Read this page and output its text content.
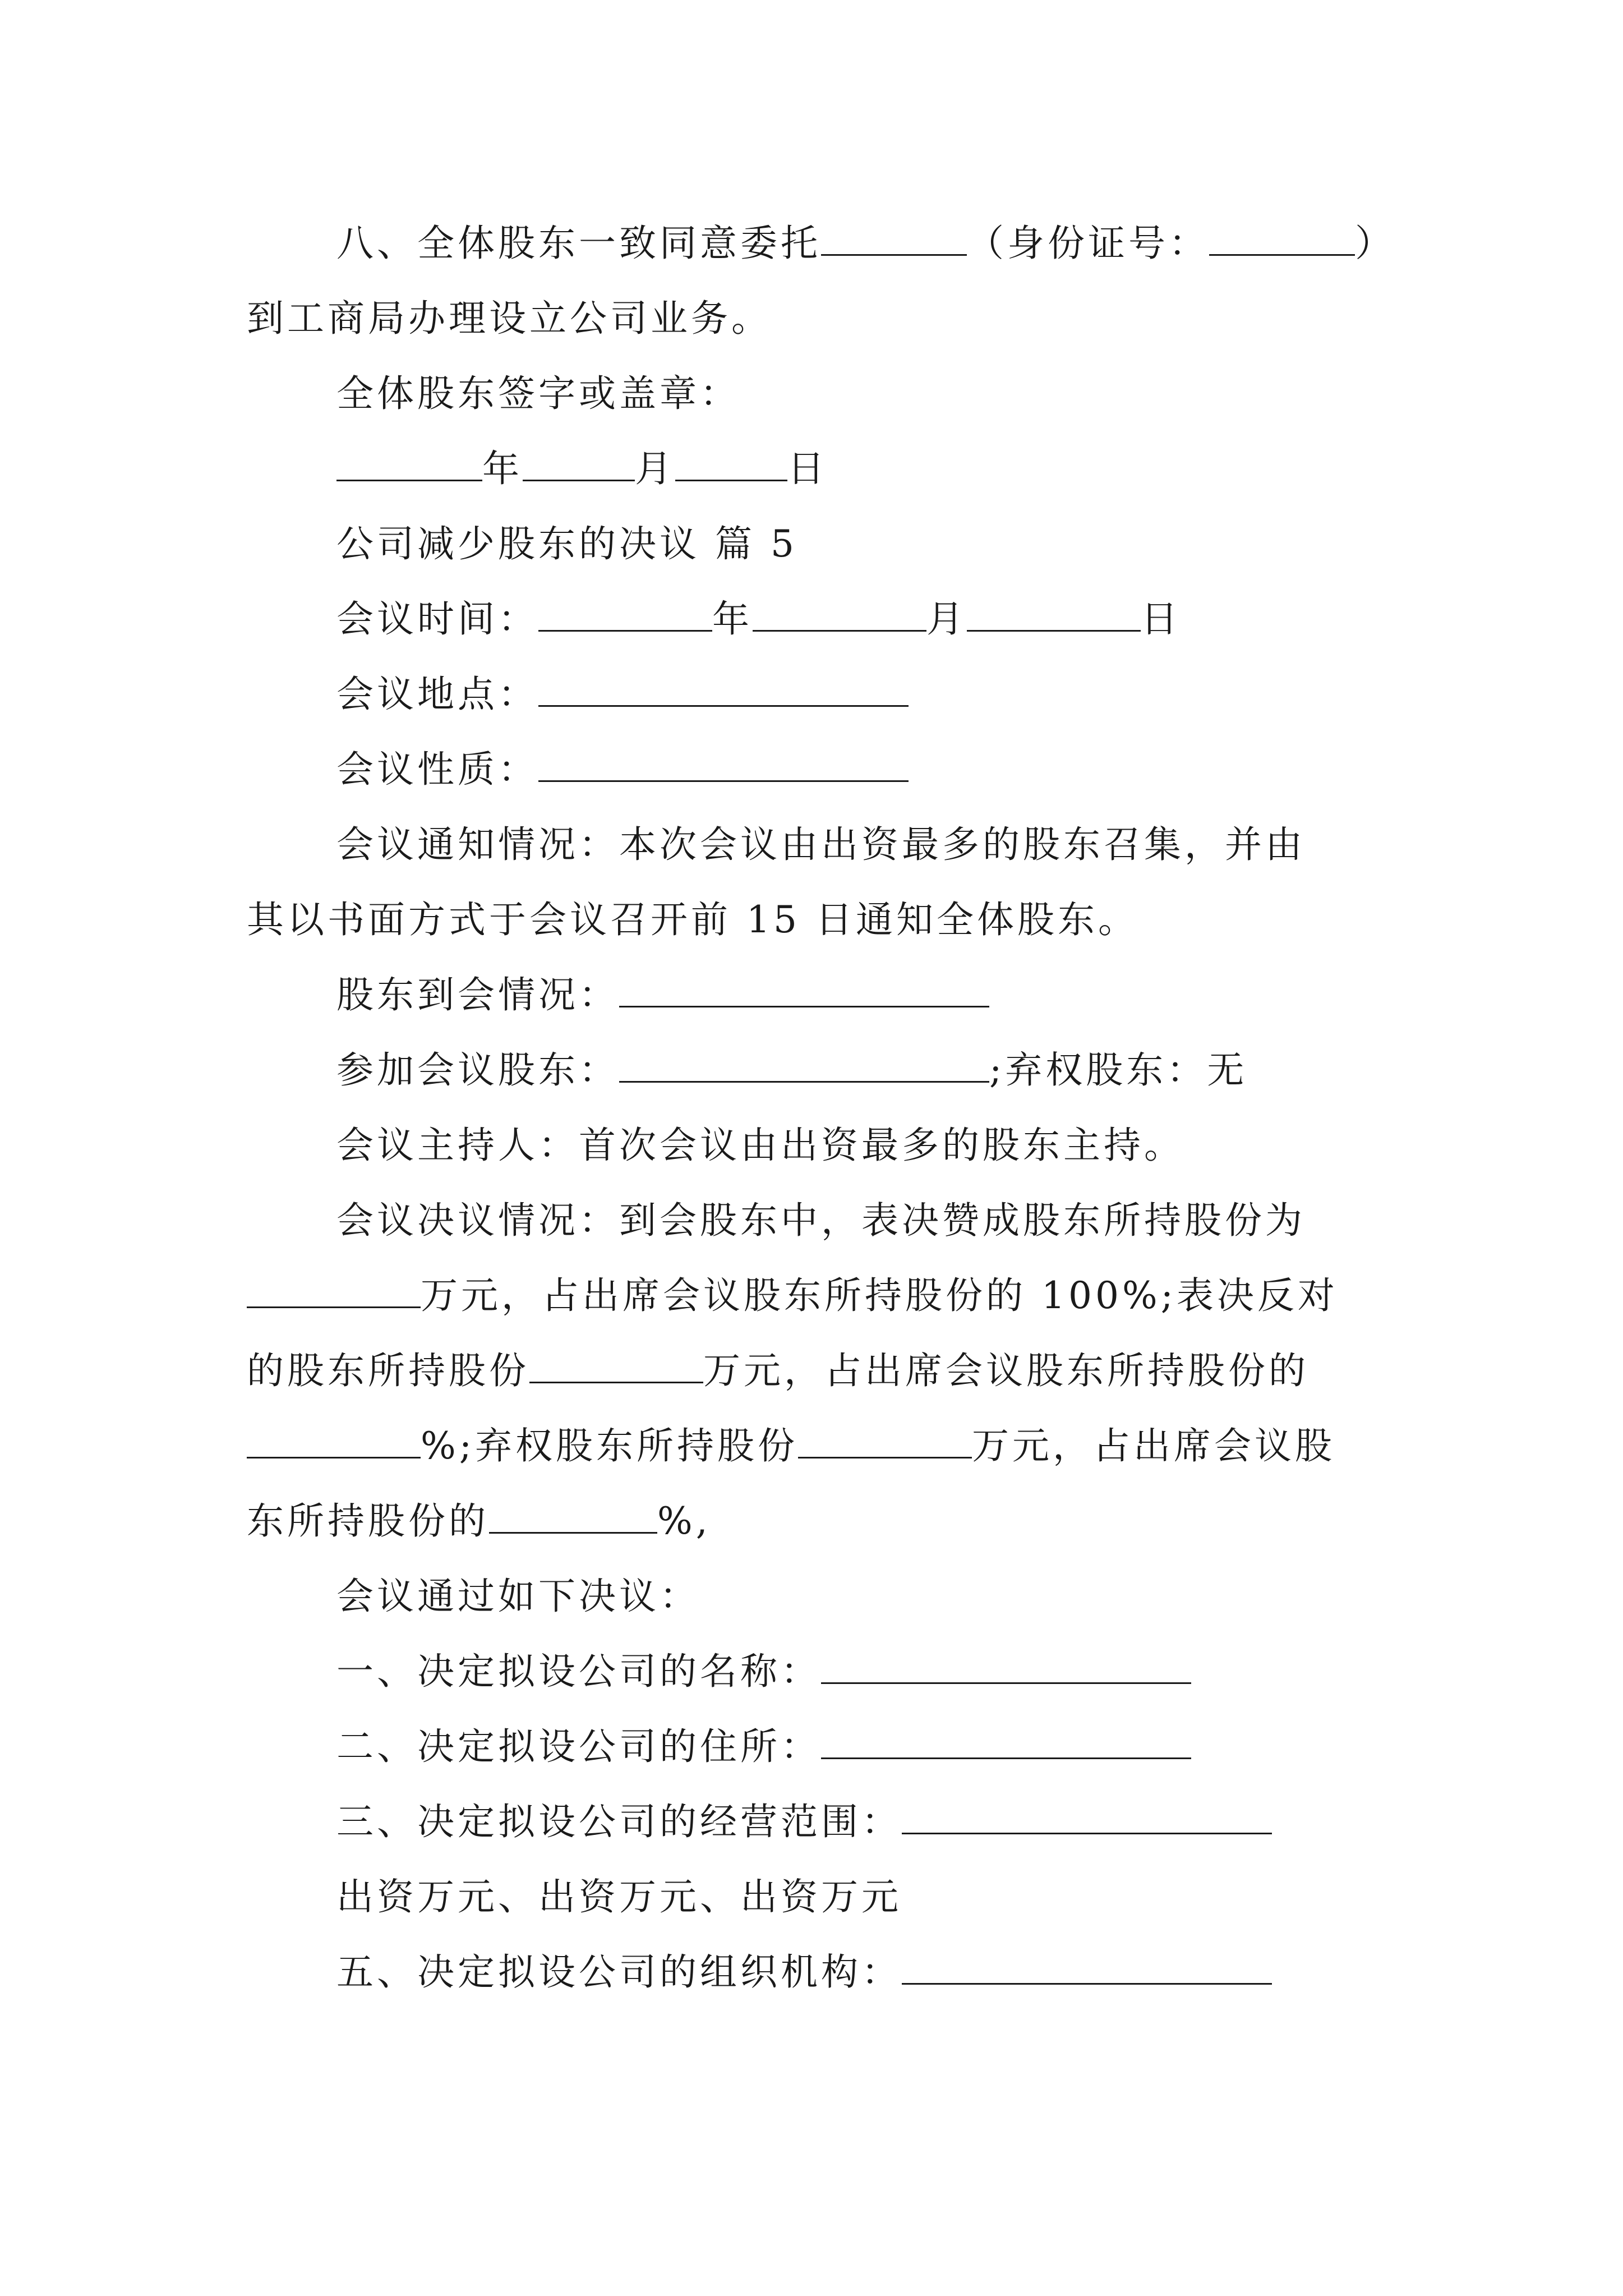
八、全体股东一致同意委托	（身份证号：	）
到工商局办理设立公司业务。
全体股东签字或盖章：
年	月	日
公司减少股东的决议 篇 5
会议时间：	年	月	日
会议地点：
会议性质：
会议通知情况：本次会议由出资最多的股东召集，并由
其以书面方式于会议召开前 15 日通知全体股东。
股东到会情况：
参加会议股东：	;弃权股东：无
会议主持人：首次会议由出资最多的股东主持。
会议决议情况：到会股东中，表决赞成股东所持股份为
万元，占出席会议股东所持股份的 100%;表决反对
的股东所持股份	万元，占出席会议股东所持股份的
%;弃权股东所持股份	万元，占出席会议股
东所持股份的	%,
会议通过如下决议：
一、决定拟设公司的名称：
二、决定拟设公司的住所：
三、决定拟设公司的经营范围：
出资万元、出资万元、出资万元
五、决定拟设公司的组织机构：
